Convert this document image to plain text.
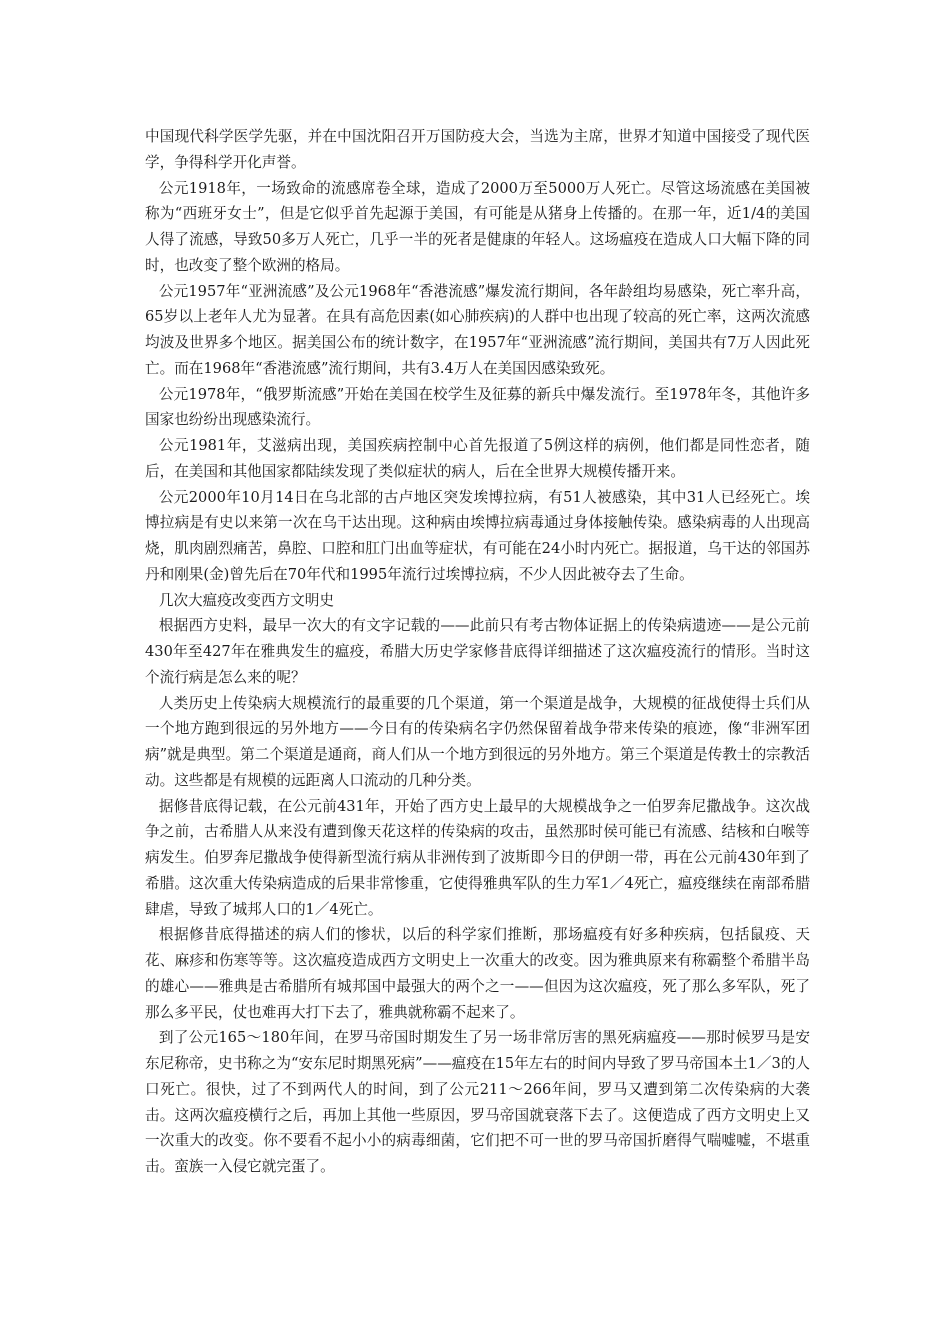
中国现代科学医学先驱，并在中国沈阳召开万国防疫大会，当选为主席，世界才知道中国接受了现代医学，争得科学开化声誉。

公元1918年，一场致命的流感席卷全球，造成了2000万至5000万人死亡。尽管这场流感在美国被称为“西班牙女士”，但是它似乎首先起源于美国，有可能是从猪身上传播的。在那一年，近1/4的美国人得了流感，导致50多万人死亡，几乎一半的死者是健康的年轻人。这场瘟疫在造成人口大幅下降的同时，也改变了整个欧洲的格局。

公元1957年“亚洲流感”及公元1968年“香港流感”爆发流行期间，各年龄组均易感染，死亡率升高，65岁以上老年人尤为显著。在具有高危因素(如心肺疾病)的人群中也出现了较高的死亡率，这两次流感均波及世界多个地区。据美国公布的统计数字，在1957年“亚洲流感”流行期间，美国共有7万人因此死亡。而在1968年“香港流感”流行期间，共有3.4万人在美国因感染致死。

公元1978年，“俄罗斯流感”开始在美国在校学生及征募的新兵中爆发流行。至1978年冬，其他许多国家也纷纷出现感染流行。

公元1981年，艾滋病出现，美国疾病控制中心首先报道了5例这样的病例，他们都是同性恋者，随后，在美国和其他国家都陆续发现了类似症状的病人，后在全世界大规模传播开来。

公元2000年10月14日在乌北部的古卢地区突发埃博拉病，有51人被感染，其中31人已经死亡。埃博拉病是有史以来第一次在乌干达出现。这种病由埃博拉病毒通过身体接触传染。感染病毒的人出现高烧，肌肉剧烈痛苦，鼻腔、口腔和肛门出血等症状，有可能在24小时内死亡。据报道，乌干达的邻国苏丹和刚果(金)曾先后在70年代和1995年流行过埃博拉病，不少人因此被夺去了生命。

几次大瘟疫改变西方文明史

根据西方史料，最早一次大的有文字记载的——此前只有考古物体证据上的传染病遗迹——是公元前430年至427年在雅典发生的瘟疫，希腊大历史学家修昔底得详细描述了这次瘟疫流行的情形。当时这个流行病是怎么来的呢？

人类历史上传染病大规模流行的最重要的几个渠道，第一个渠道是战争，大规模的征战使得士兵们从一个地方跑到很远的另外地方——今日有的传染病名字仍然保留着战争带来传染的痕迹，像“非洲军团病”就是典型。第二个渠道是通商，商人们从一个地方到很远的另外地方。第三个渠道是传教士的宗教活动。这些都是有规模的远距离人口流动的几种分类。

据修昔底得记载，在公元前431年，开始了西方史上最早的大规模战争之一伯罗奔尼撒战争。这次战争之前，古希腊人从来没有遭到像天花这样的传染病的攻击，虽然那时侯可能已有流感、结核和白喉等病发生。伯罗奔尼撒战争使得新型流行病从非洲传到了波斯即今日的伊朗一带，再在公元前430年到了希腊。这次重大传染病造成的后果非常惨重，它使得雅典军队的生力军1／4死亡，瘟疫继续在南部希腊肆虐，导致了城邦人口的1／4死亡。

根据修昔底得描述的病人们的惨状，以后的科学家们推断，那场瘟疫有好多种疾病，包括鼠疫、天花、麻疹和伤寒等等。这次瘟疫造成西方文明史上一次重大的改变。因为雅典原来有称霸整个希腊半岛的雄心——雅典是古希腊所有城邦国中最强大的两个之一——但因为这次瘟疫，死了那么多军队，死了那么多平民，仗也难再大打下去了，雅典就称霸不起来了。

到了公元165～180年间，在罗马帝国时期发生了另一场非常厉害的黑死病瘟疫——那时候罗马是安东尼称帝，史书称之为“安东尼时期黑死病”——瘟疫在15年左右的时间内导致了罗马帝国本土1／3的人口死亡。很快，过了不到两代人的时间，到了公元211～266年间，罗马又遭到第二次传染病的大袭击。这两次瘟疫横行之后，再加上其他一些原因，罗马帝国就衰落下去了。这便造成了西方文明史上又一次重大的改变。你不要看不起小小的病毒细菌，它们把不可一世的罗马帝国折磨得气喘嘘嘘，不堪重击。蛮族一入侵它就完蛋了。
